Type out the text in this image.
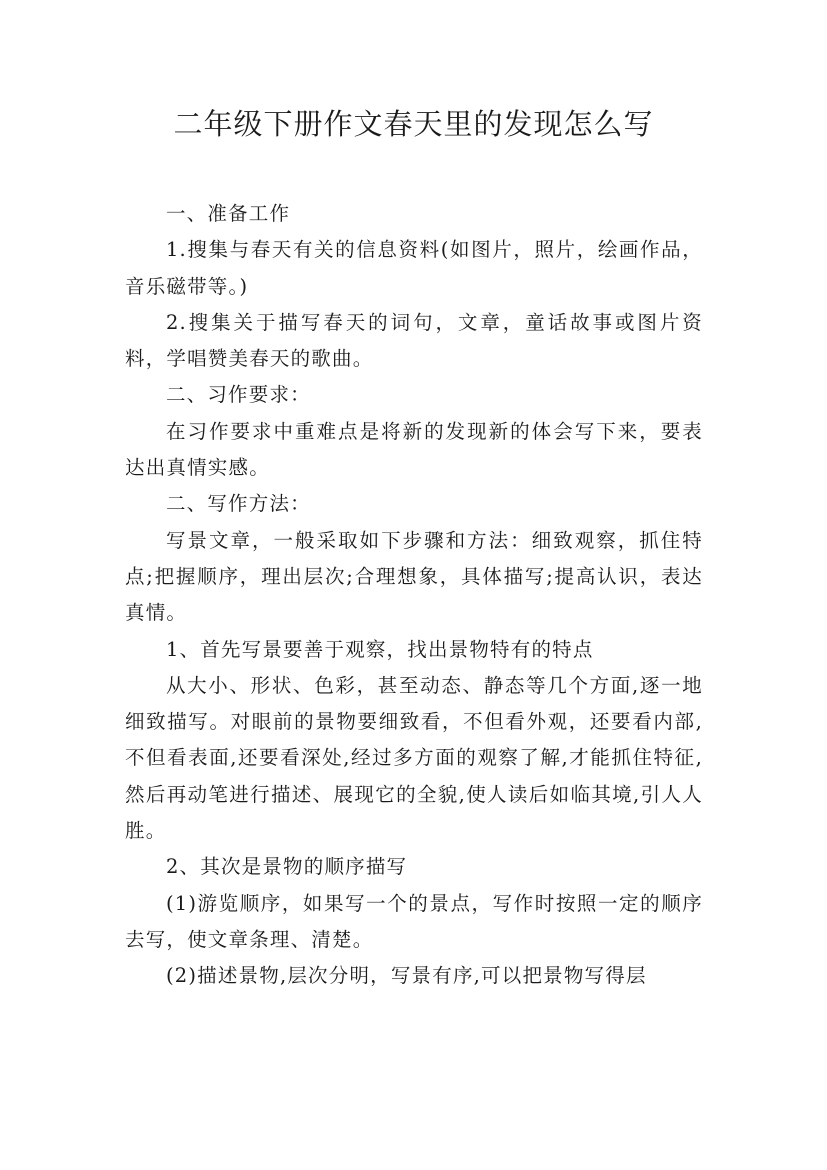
二年级下册作文春天里的发现怎么写

一、准备工作

1.搜集与春天有关的信息资料(如图片，照片，绘画作品，音乐磁带等。)

2.搜集关于描写春天的词句，文章，童话故事或图片资料，学唱赞美春天的歌曲。

二、习作要求：

在习作要求中重难点是将新的发现新的体会写下来，要表达出真情实感。

二、写作方法：

写景文章，一般采取如下步骤和方法：细致观察，抓住特点;把握顺序，理出层次;合理想象，具体描写;提高认识，表达真情。

1、首先写景要善于观察，找出景物特有的特点

从大小、形状、色彩，甚至动态、静态等几个方面,逐一地细致描写。对眼前的景物要细致看，不但看外观，还要看内部,不但看表面,还要看深处,经过多方面的观察了解,才能抓住特征,然后再动笔进行描述、展现它的全貌,使人读后如临其境,引人人胜。

2、其次是景物的顺序描写

(1)游览顺序，如果写一个的景点，写作时按照一定的顺序去写，使文章条理、清楚。

(2)描述景物,层次分明，写景有序,可以把景物写得层
